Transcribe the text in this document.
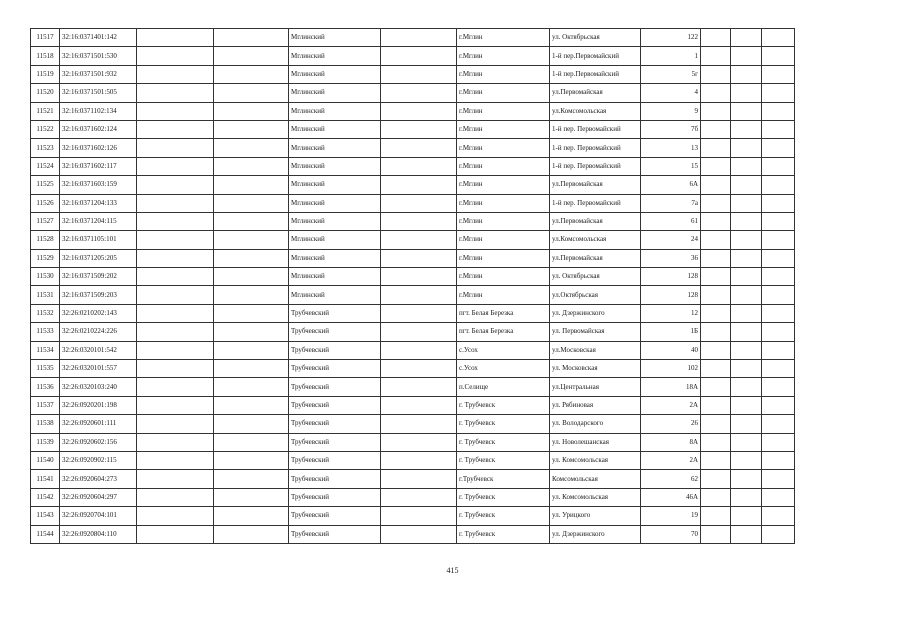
11517	32:16:0371401:142			Мглинский		г.Мглин	ул. Октябрьская	122			
11518	32:16:0371501:530			Мглинский		г.Мглин	1-й пер.Первомайский	1			
11519	32:16:0371501:932			Мглинский		г.Мглин	1-й пер.Первомайский	5г			
11520	32:16:0371501:505			Мглинский		г.Мглин	ул.Первомайская	4			
11521	32:16:0371102:134			Мглинский		г.Мглин	ул.Комсомольская	9			
11522	32:16:0371602:124			Мглинский		г.Мглин	1-й пер. Первомайский	7б			
11523	32:16:0371602:126			Мглинский		г.Мглин	1-й пер. Первомайский	13			
11524	32:16:0371602:117			Мглинский		г.Мглин	1-й пер. Первомайский	15			
11525	32:16:0371603:159			Мглинский		г.Мглин	ул.Первомайская	6А			
11526	32:16:0371204:133			Мглинский		г.Мглин	1-й пер. Первомайский	7а			
11527	32:16:0371204:115			Мглинский		г.Мглин	ул.Первомайская	61			
11528	32:16:0371105:101			Мглинский		г.Мглин	ул.Комсомольская	24			
11529	32:16:0371205:205			Мглинский		г.Мглин	ул.Первомайская	36			
11530	32:16:0371509:202			Мглинский		г.Мглин	ул. Октябрьская	128			
11531	32:16:0371509:203			Мглинский		г.Мглин	ул.Октябрьская	128			
11532	32:26:0210202:143			Трубчевский		пгт. Белая Березка	ул. Дзержинского	12			
11533	32:26:0210224:226			Трубчевский		пгт. Белая Березка	ул. Первомайская	1Б			
11534	32:26:0320101:542			Трубчевский		с.Усох	ул.Московская	40			
11535	32:26:0320101:557			Трубчевский		с.Усох	ул. Московская	102			
11536	32:26:0320103:240			Трубчевский		п.Селище	ул.Центральная	18А			
11537	32:26:0920201:198			Трубчевский		г. Трубчевск	ул. Рябиновая	2А			
11538	32:26:0920601:111			Трубчевский		г. Трубчевск	ул. Володарского	26			
11539	32:26:0920602:156			Трубчевский		г. Трубчевск	ул. Новолешанская	8А			
11540	32:26:0920902:115			Трубчевский		г. Трубчевск	ул. Комсомольская	2А			
11541	32:26:0920604:273			Трубчевский		г.Трубчевск	Комсомольская	62			
11542	32:26:0920604:297			Трубчевский		г. Трубчевск	ул. Комсомольская	46А			
11543	32:26:0920704:101			Трубчевский		г. Трубчевск	ул. Урицкого	19			
11544	32:26:0920804:110			Трубчевский		г. Трубчевск	ул. Дзержинского	70			
415
